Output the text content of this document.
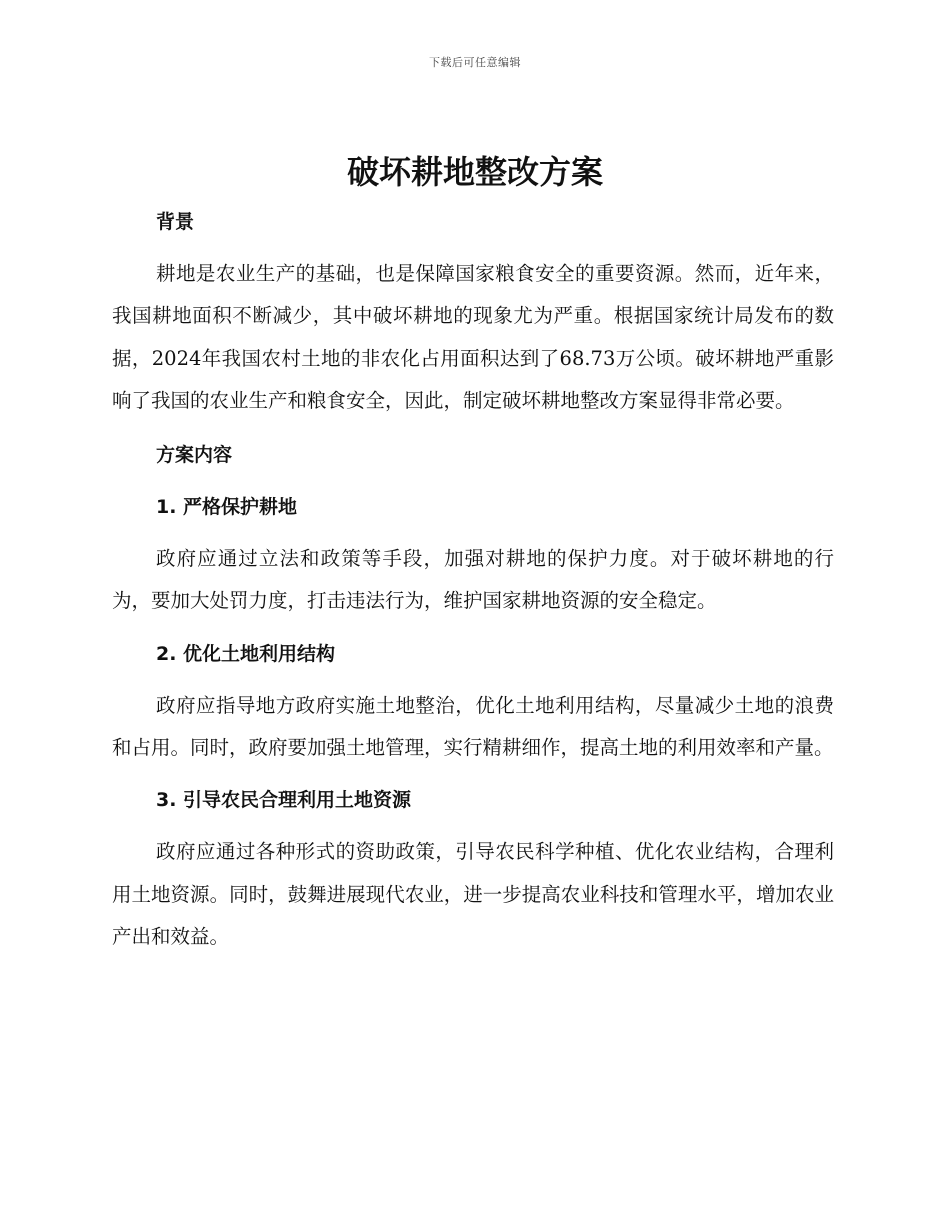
下载后可任意编辑
破坏耕地整改方案
背景

耕地是农业生产的基础，也是保障国家粮食安全的重要资源。然而，近年来，我国耕地面积不断减少，其中破坏耕地的现象尤为严重。根据国家统计局发布的数据，2024年我国农村土地的非农化占用面积达到了68.73万公顷。破坏耕地严重影响了我国的农业生产和粮食安全，因此，制定破坏耕地整改方案显得非常必要。

方案内容
1. 严格保护耕地

政府应通过立法和政策等手段，加强对耕地的保护力度。对于破坏耕地的行为，要加大处罚力度，打击违法行为，维护国家耕地资源的安全稳定。

2. 优化土地利用结构

政府应指导地方政府实施土地整治，优化土地利用结构，尽量减少土地的浪费和占用。同时，政府要加强土地管理，实行精耕细作，提高土地的利用效率和产量。

3. 引导农民合理利用土地资源

政府应通过各种形式的资助政策，引导农民科学种植、优化农业结构，合理利用土地资源。同时，鼓舞进展现代农业，进一步提高农业科技和管理水平，增加农业产出和效益。
